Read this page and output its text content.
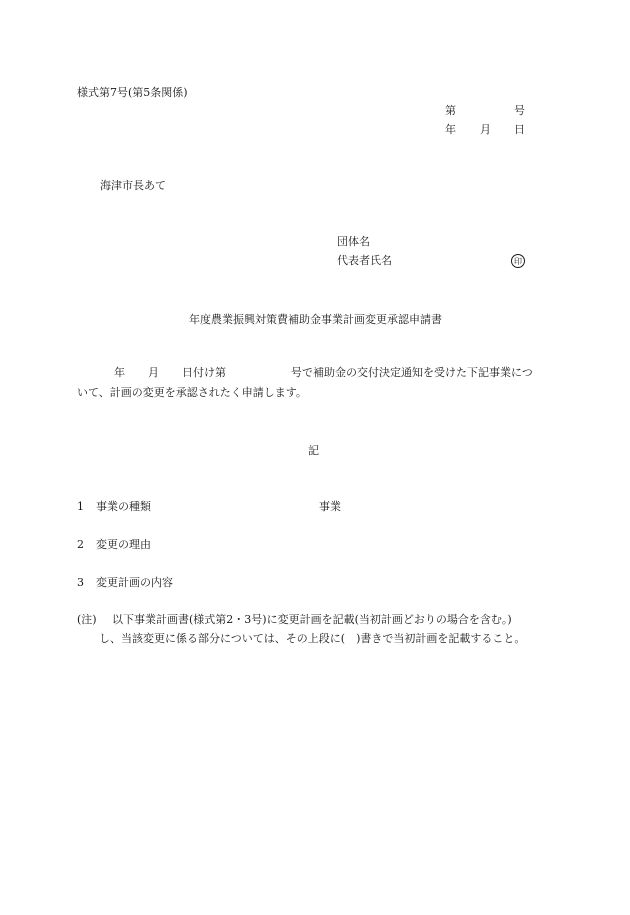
様式第7号(第5条関係)
第	号
年 月 日
海津市長あて
団体名
代表者氏名	印
年度農業振興対策費補助金事業計画変更承認申請書
年 月 日付け第	号で補助金の交付決定通知を受けた下記事業につ
いて、計画の変更を承認されたく申請します。
記
1 事業の種類	事業
2 変更の理由
3 変更計画の内容
(注) 以下事業計画書(様式第2・3号)に変更計画を記載(当初計画どおりの場合を含む。)
し、当該変更に係る部分については、その上段に(　)書きで当初計画を記載すること。
